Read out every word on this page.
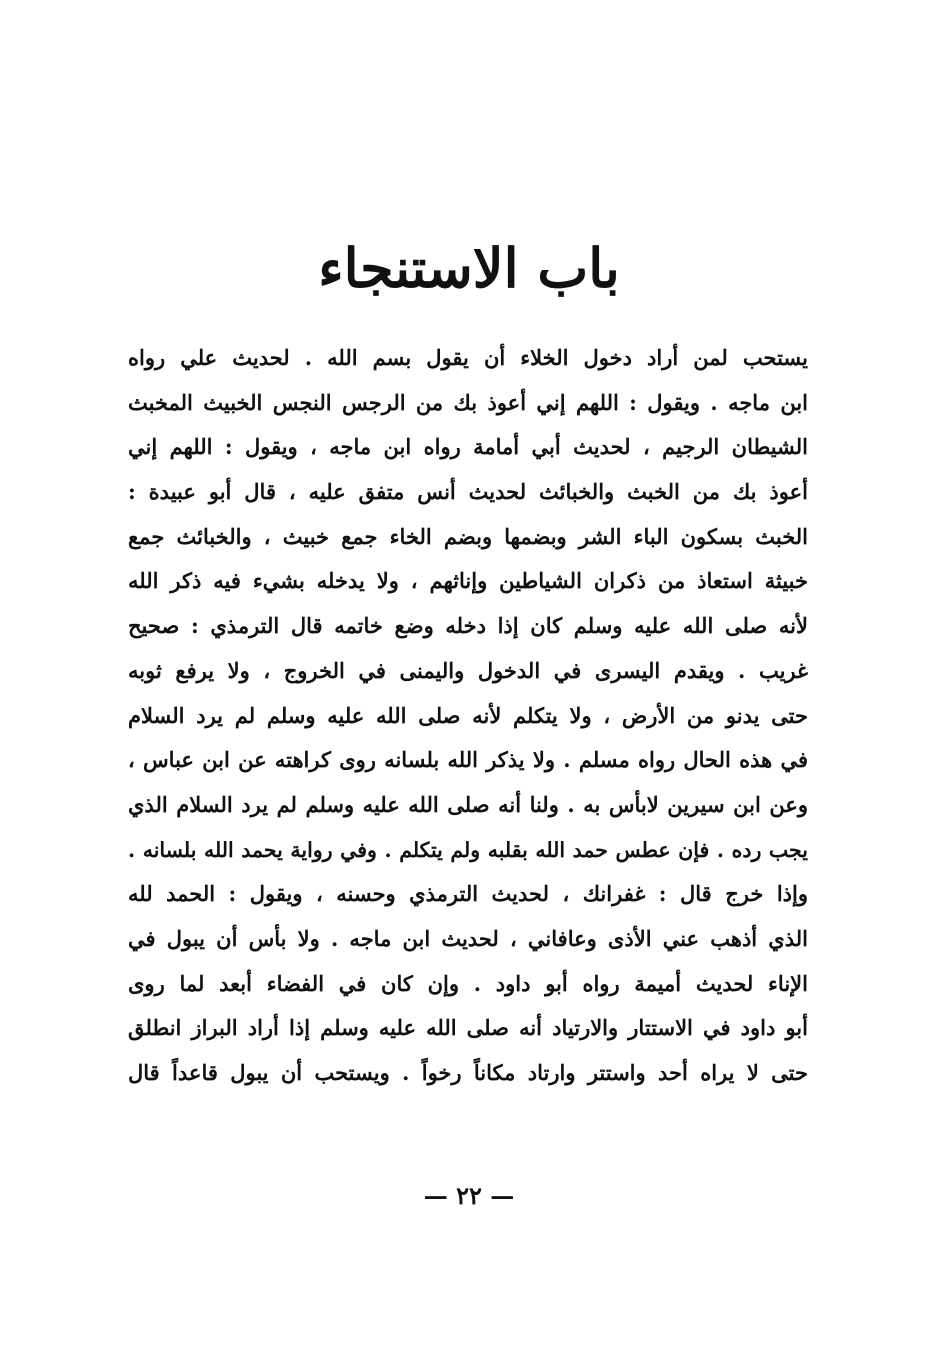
باب الاستنجاء
يستحب لمن أراد دخول الخلاء أن يقول بسم الله . لحديث علي رواه
ابن ماجه . ويقول : اللهم إني أعوذ بك من الرجس النجس الخبيث المخبث
الشيطان الرجيم ، لحديث أبي أمامة رواه ابن ماجه ، ويقول : اللهم إني
أعوذ بك من الخبث والخبائث لحديث أنس متفق عليه ، قال أبو عبيدة :
الخبث بسكون الباء الشر وبضمها وبضم الخاء جمع خبيث ، والخبائث جمع
خبيثة استعاذ من ذكران الشياطين وإناثهم ، ولا يدخله بشيء فيه ذكر الله
لأنه صلى الله عليه وسلم كان إذا دخله وضع خاتمه قال الترمذي : صحيح
غريب . ويقدم اليسرى في الدخول واليمنى في الخروج ، ولا يرفع ثوبه
حتى يدنو من الأرض ، ولا يتكلم لأنه صلى الله عليه وسلم لم يرد السلام
في هذه الحال رواه مسلم . ولا يذكر الله بلسانه روى كراهته عن ابن عباس ،
وعن ابن سيرين لابأس به . ولنا أنه صلى الله عليه وسلم لم يرد السلام الذي
يجب رده . فإن عطس حمد الله بقلبه ولم يتكلم . وفي رواية يحمد الله بلسانه .
وإذا خرج قال : غفرانك ، لحديث الترمذي وحسنه ، ويقول : الحمد لله
الذي أذهب عني الأذى وعافاني ، لحديث ابن ماجه . ولا بأس أن يبول في
الإناء لحديث أميمة رواه أبو داود . وإن كان في الفضاء أبعد لما روى
أبو داود في الاستتار والارتياد أنه صلى الله عليه وسلم إذا أراد البراز انطلق
حتى لا يراه أحد واستتر وارتاد مكاناً رخواً . ويستحب أن يبول قاعداً قال
— ٢٢ —
